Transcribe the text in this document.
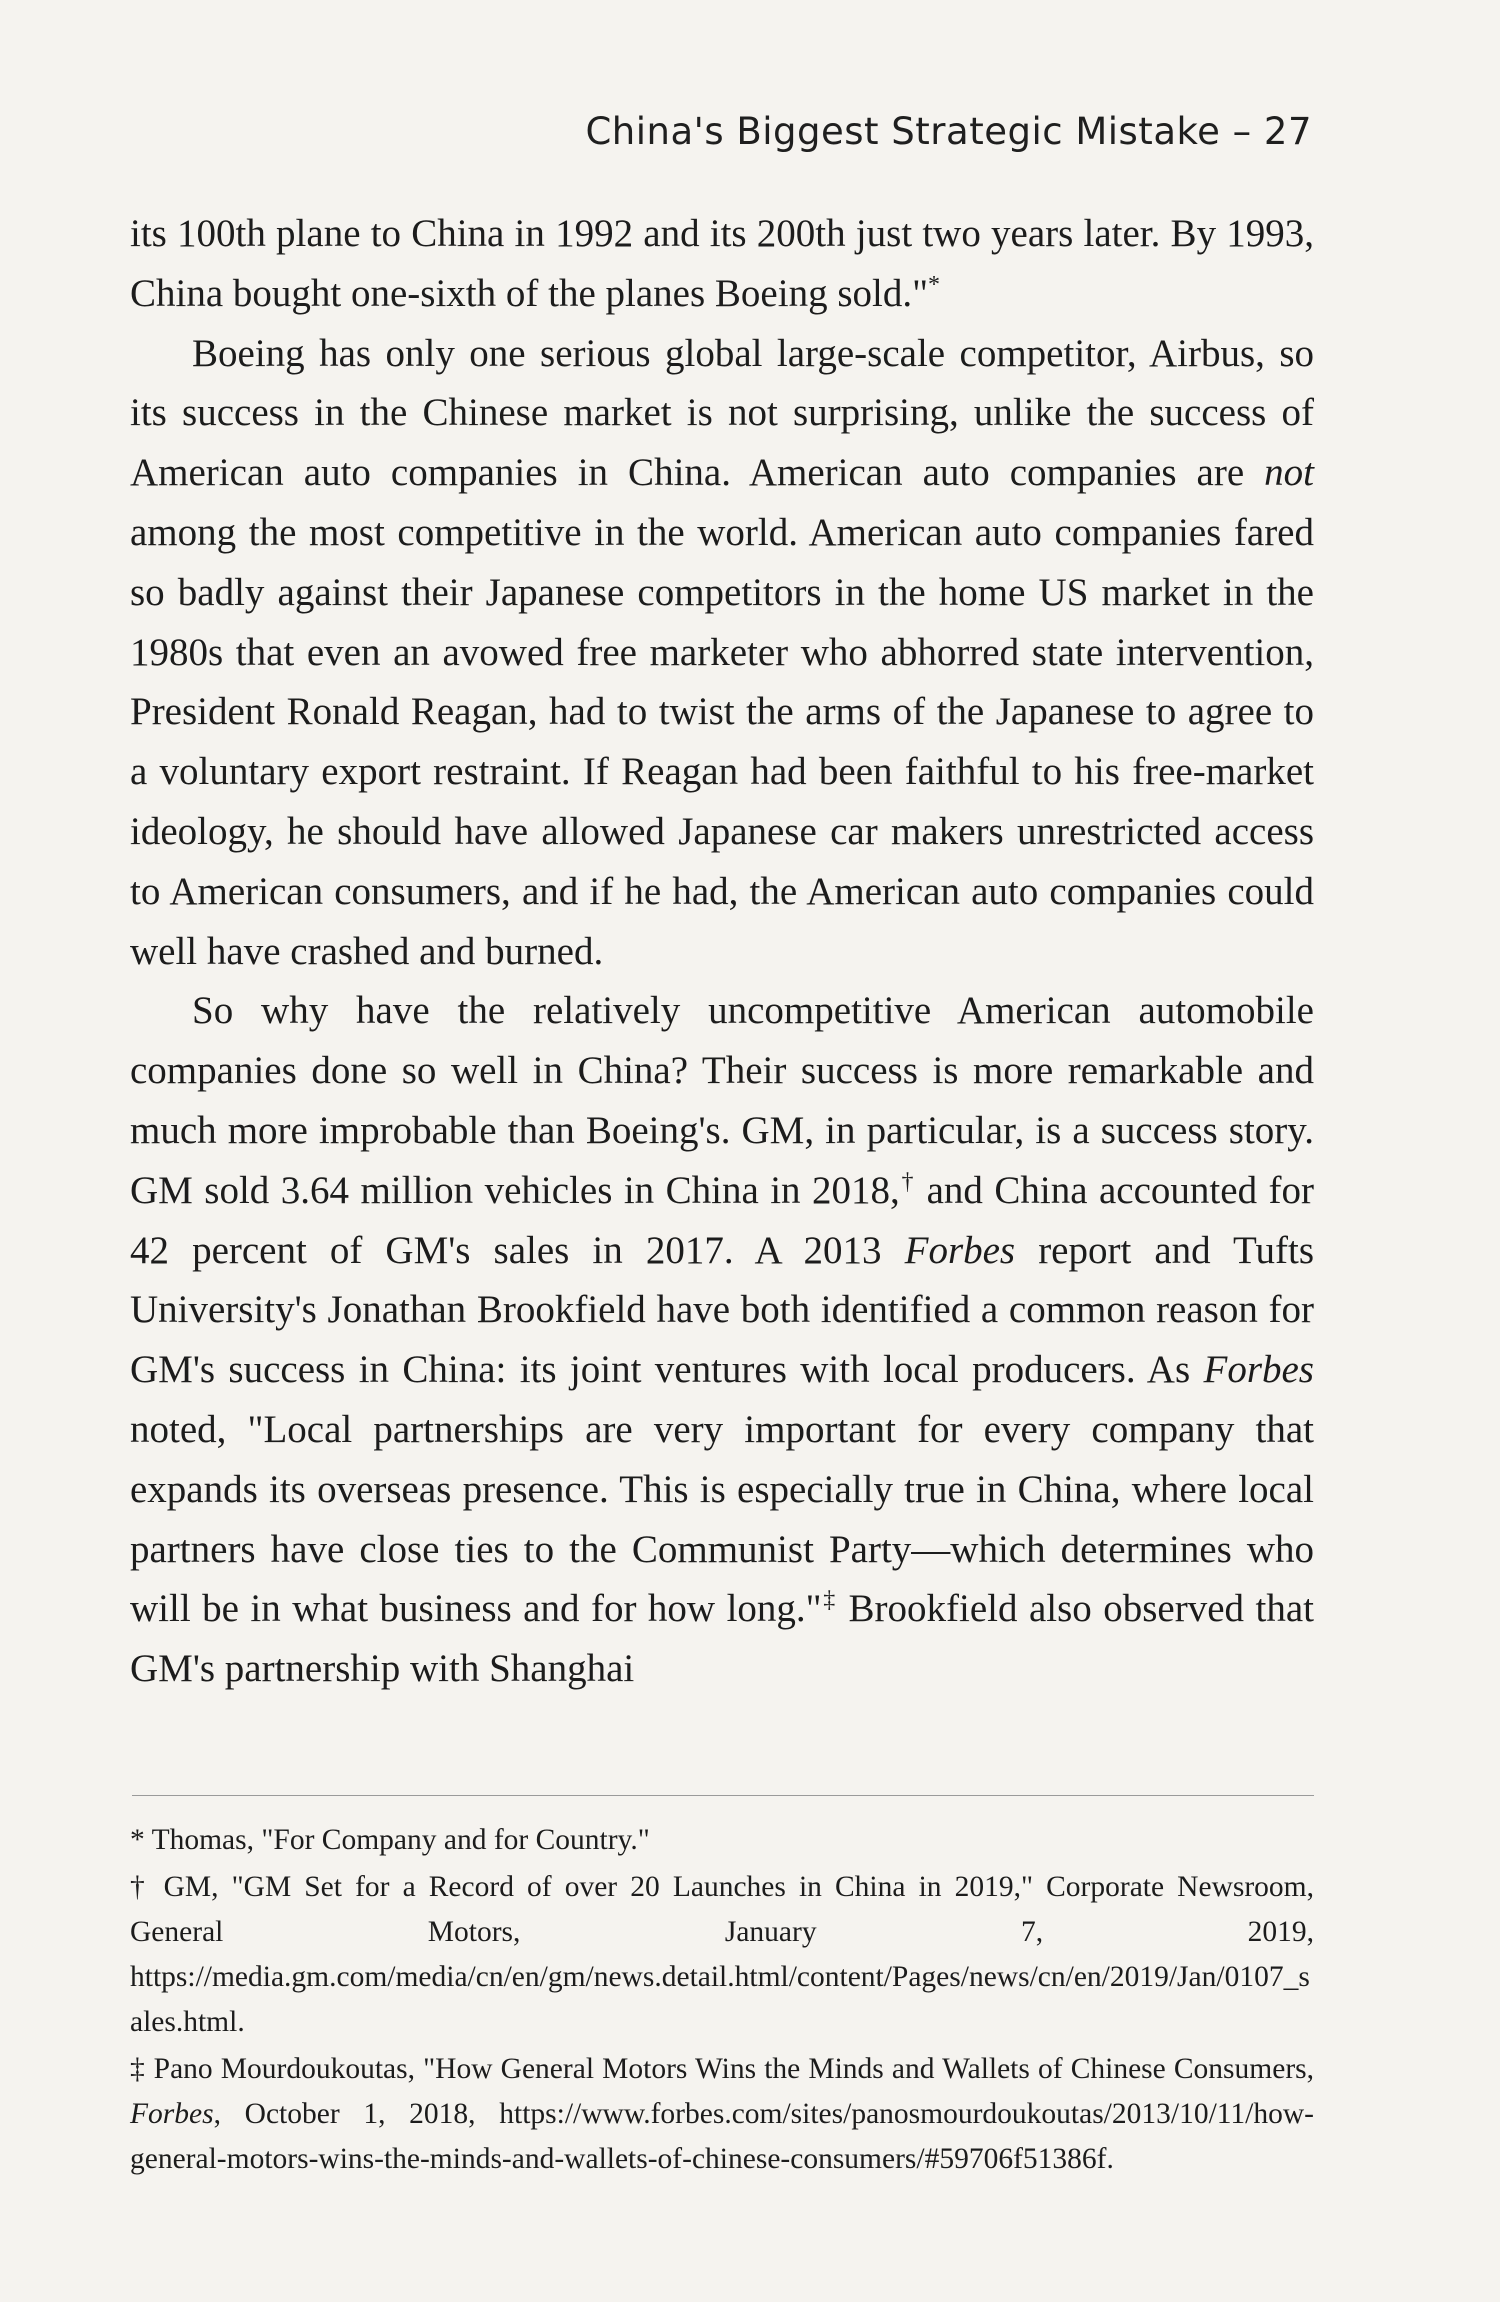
China's Biggest Strategic Mistake – 27

its 100th plane to China in 1992 and its 200th just two years later. By 1993, China bought one-sixth of the planes Boeing sold."*

Boeing has only one serious global large-scale competitor, Airbus, so its success in the Chinese market is not surprising, unlike the success of American auto companies in China. American auto companies are not among the most competitive in the world. American auto companies fared so badly against their Japanese competitors in the home US market in the 1980s that even an avowed free marketer who abhorred state intervention, President Ronald Reagan, had to twist the arms of the Japanese to agree to a voluntary export restraint. If Reagan had been faithful to his free-market ideology, he should have allowed Japanese car makers unrestricted access to American consumers, and if he had, the American auto companies could well have crashed and burned.

So why have the relatively uncompetitive American automobile companies done so well in China? Their success is more remarkable and much more improbable than Boeing's. GM, in particular, is a success story. GM sold 3.64 million vehicles in China in 2018,† and China accounted for 42 percent of GM's sales in 2017. A 2013 Forbes report and Tufts University's Jonathan Brookfield have both identified a common reason for GM's success in China: its joint ventures with local producers. As Forbes noted, "Local partnerships are very important for every company that expands its overseas presence. This is especially true in China, where local partners have close ties to the Communist Party—which determines who will be in what business and for how long."‡ Brookfield also observed that GM's partnership with Shanghai

* Thomas, "For Company and for Country."

† GM, "GM Set for a Record of over 20 Launches in China in 2019," Corporate Newsroom, General Motors, January 7, 2019, https://media.gm.com/media/cn/en/gm/news.detail.html/content/Pages/news/cn/en/2019/Jan/0107_sales.html.

‡ Pano Mourdoukoutas, "How General Motors Wins the Minds and Wallets of Chinese Consumers, Forbes, October 1, 2018, https://www.forbes.com/sites/panosmourdoukoutas/2013/10/11/how-general-motors-wins-the-minds-and-wallets-of-chinese-consumers/#59706f51386f.
